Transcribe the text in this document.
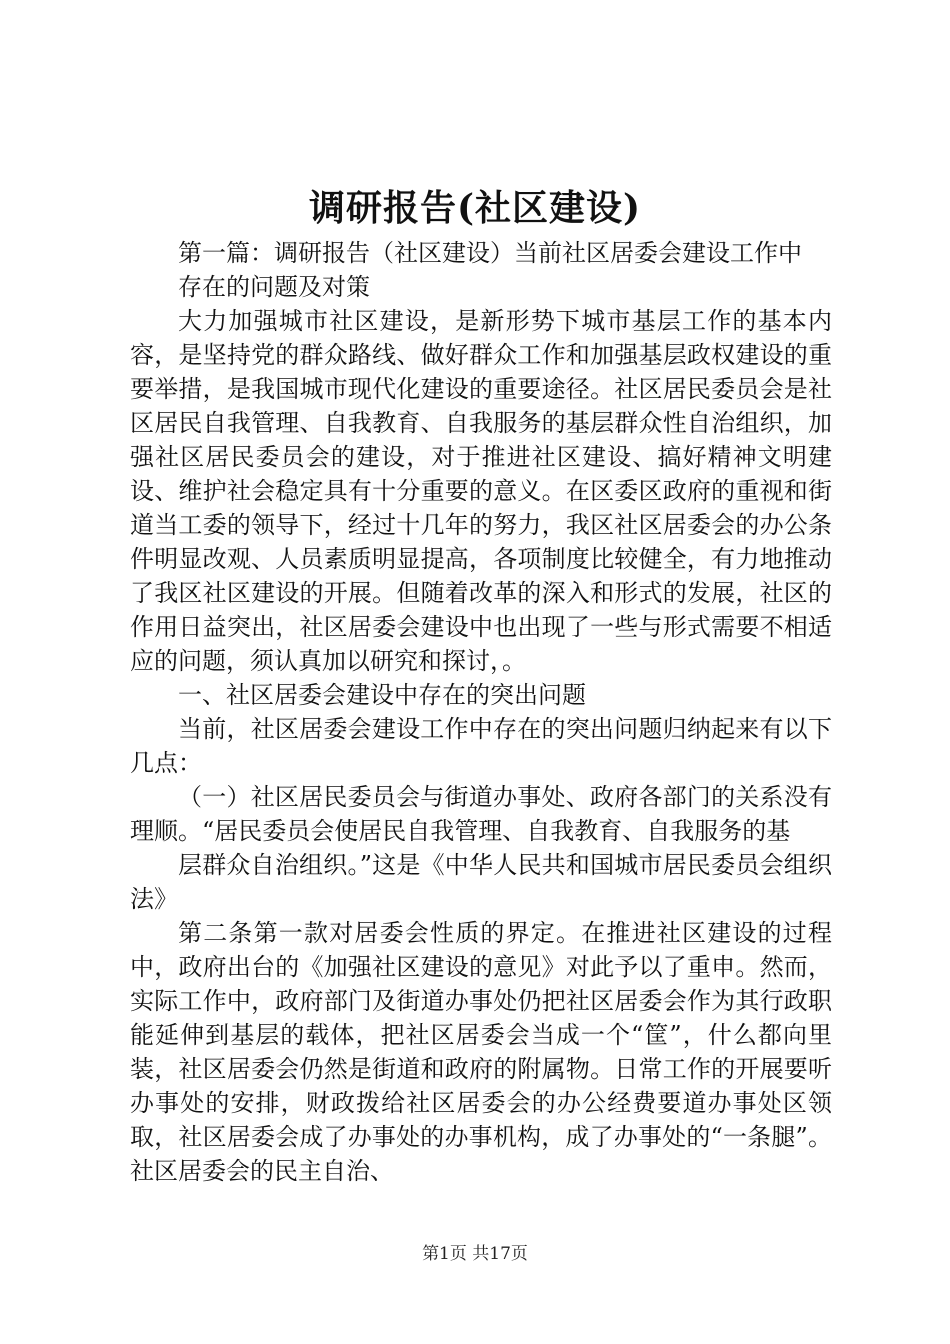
调研报告(社区建设)

第一篇：调研报告（社区建设）当前社区居委会建设工作中

存在的问题及对策

大力加强城市社区建设，是新形势下城市基层工作的基本内容，是坚持党的群众路线、做好群众工作和加强基层政权建设的重要举措，是我国城市现代化建设的重要途径。社区居民委员会是社区居民自我管理、自我教育、自我服务的基层群众性自治组织，加强社区居民委员会的建设，对于推进社区建设、搞好精神文明建设、维护社会稳定具有十分重要的意义。在区委区政府的重视和街道当工委的领导下，经过十几年的努力，我区社区居委会的办公条件明显改观、人员素质明显提高，各项制度比较健全，有力地推动了我区社区建设的开展。但随着改革的深入和形式的发展，社区的作用日益突出，社区居委会建设中也出现了一些与形式需要不相适应的问题，须认真加以研究和探讨，。

一、社区居委会建设中存在的突出问题

当前，社区居委会建设工作中存在的突出问题归纳起来有以下几点：

（一）社区居民委员会与街道办事处、政府各部门的关系没有理顺。“居民委员会使居民自我管理、自我教育、自我服务的基

层群众自治组织。”这是《中华人民共和国城市居民委员会组织法》

第二条第一款对居委会性质的界定。在推进社区建设的过程中，政府出台的《加强社区建设的意见》对此予以了重申。然而，实际工作中，政府部门及街道办事处仍把社区居委会作为其行政职能延伸到基层的载体，把社区居委会当成一个“筐”，什么都向里装，社区居委会仍然是街道和政府的附属物。日常工作的开展要听办事处的安排，财政拨给社区居委会的办公经费要道办事处区领取，社区居委会成了办事处的办事机构，成了办事处的“一条腿”。社区居委会的民主自治、

第1页 共17页
